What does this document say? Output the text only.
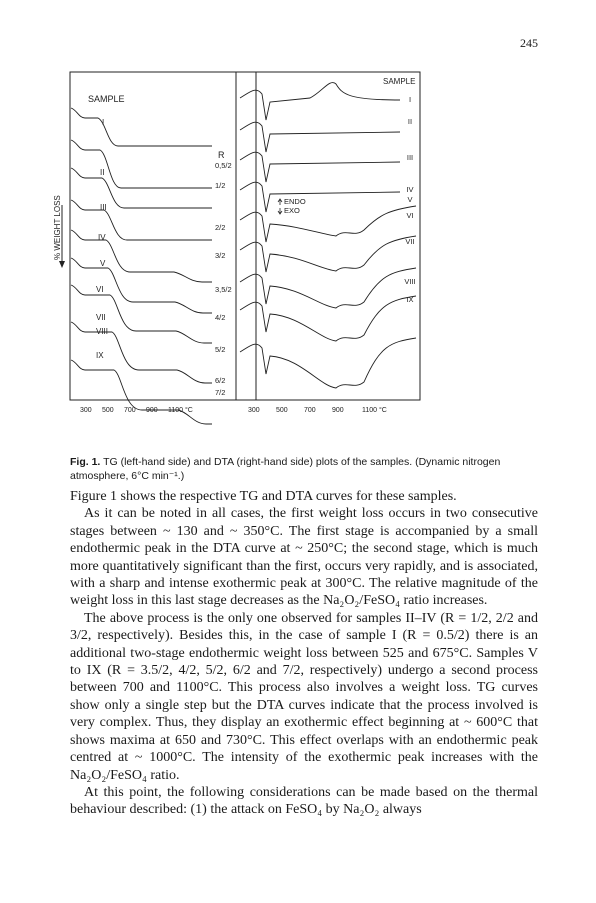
245
SAMPLE
R
% WEIGHT LOSS
I
II
III
IV
V
VI
VII
VIII
IX
0,5/2
1/2
2/2
3/2
3,5/2
4/2
5/2
6/2
7/2
300 500 700 900 1100 °C
SAMPLE
ENDO
EXO
I
II
III
IV
V
VI
VII
VIII
IX
300 500 700 900	1100 °C
Fig. 1. TG (left-hand side) and DTA (right-hand side) plots of the samples. (Dynamic nitrogen atmosphere, 6°C min⁻¹.)

Figure 1 shows the respective TG and DTA curves for these samples.

As it can be noted in all cases, the first weight loss occurs in two consecutive stages between ~ 130 and ~ 350°C. The first stage is accompanied by a small endothermic peak in the DTA curve at ~ 250°C; the second stage, which is much more quantitatively significant than the first, occurs very rapidly, and is associated, with a sharp and intense exothermic peak at 300°C. The relative magnitude of the weight loss in this last stage decreases as the Na₂O₂/FeSO₄ ratio increases.

The above process is the only one observed for samples II–IV (R = 1/2, 2/2 and 3/2, respectively). Besides this, in the case of sample I (R = 0.5/2) there is an additional two-stage endothermic weight loss between 525 and 675°C. Samples V to IX (R = 3.5/2, 4/2, 5/2, 6/2 and 7/2, respectively) undergo a second process between 700 and 1100°C. This process also involves a weight loss. TG curves show only a single step but the DTA curves indicate that the process involved is very complex. Thus, they display an exothermic effect beginning at ~ 600°C that shows maxima at 650 and 730°C. This effect overlaps with an endothermic peak centred at ~ 1000°C. The intensity of the exothermic peak increases with the Na₂O₂/FeSO₄ ratio.

At this point, the following considerations can be made based on the thermal behaviour described: (1) the attack on FeSO₄ by Na₂O₂ always
